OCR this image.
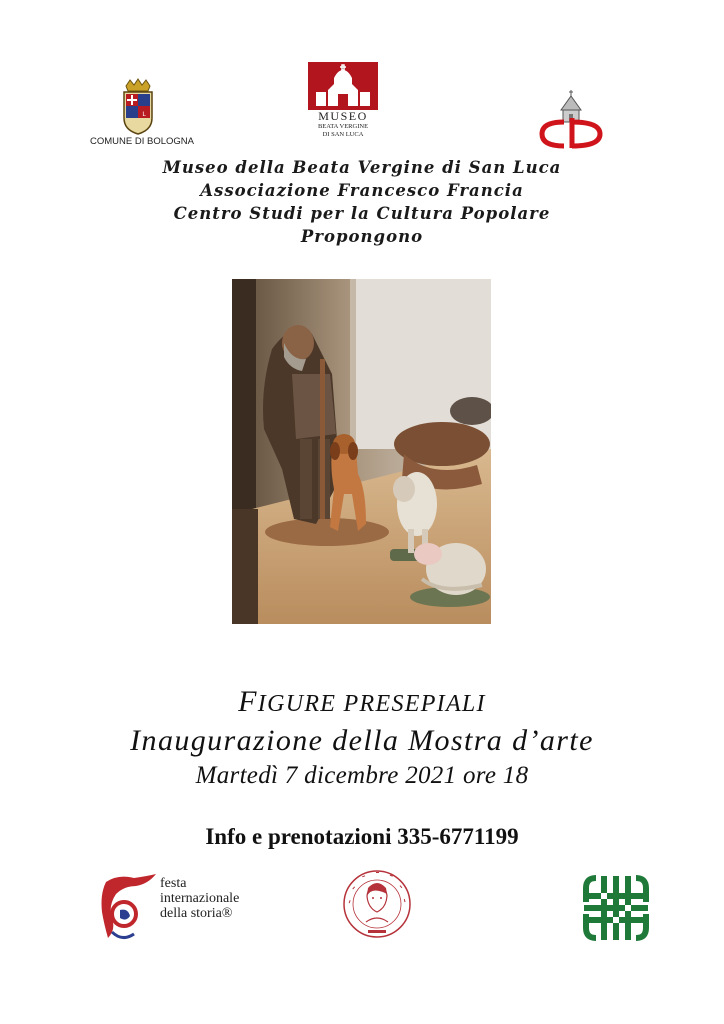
L
COMUNE DI BOLOGNA
MUSEO
BEATA VERGINE
DI SAN LUCA
Museo della Beata Vergine di San Luca
Associazione Francesco Francia
Centro Studi per la Cultura Popolare
Propongono
FIGURE PRESEPIALI
Inaugurazione della Mostra d’arte
Martedì 7 dicembre 2021 ore 18
Info e prenotazioni 335-6771199
festa
internazionale
della storia®
